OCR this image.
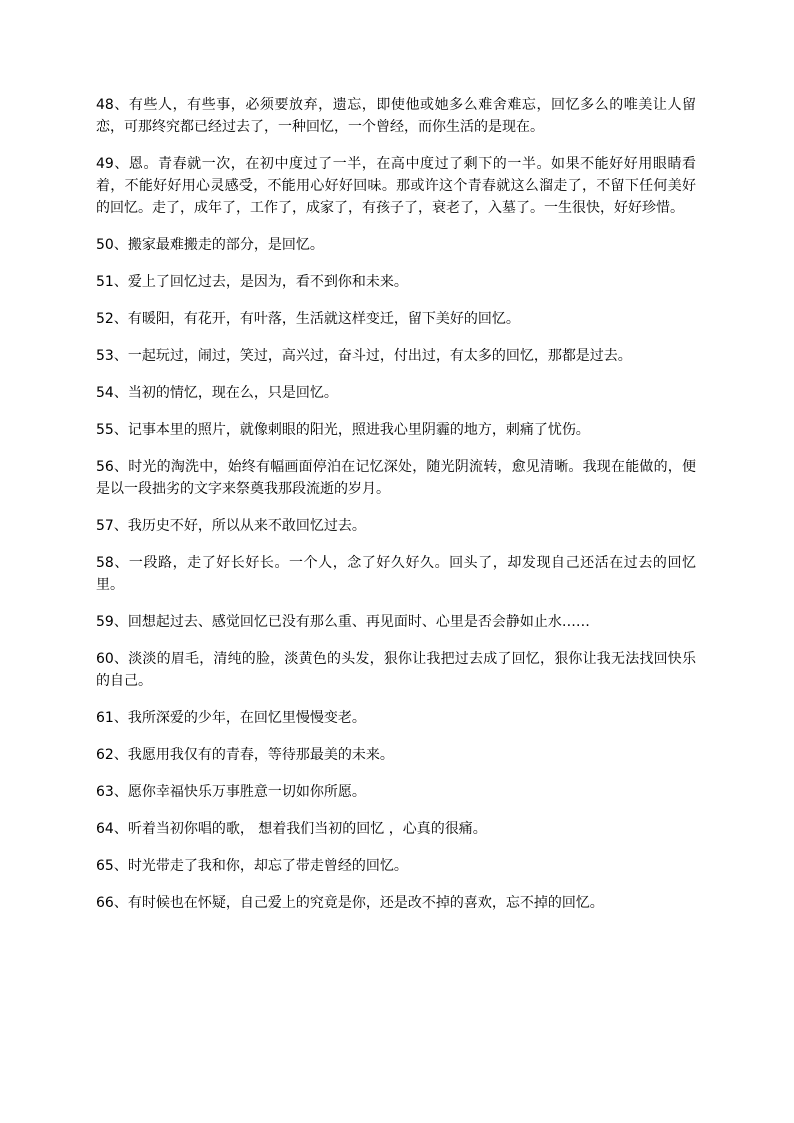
48、有些人，有些事，必须要放弃，遗忘，即使他或她多么难舍难忘，回忆多么的唯美让人留恋，可那终究都已经过去了，一种回忆，一个曾经，而你生活的是现在。

49、恩。青春就一次，在初中度过了一半，在高中度过了剩下的一半。如果不能好好用眼睛看着，不能好好用心灵感受，不能用心好好回味。那或许这个青春就这么溜走了，不留下任何美好的回忆。走了，成年了，工作了，成家了，有孩子了，衰老了，入墓了。一生很快，好好珍惜。

50、搬家最难搬走的部分，是回忆。

51、爱上了回忆过去，是因为，看不到你和未来。

52、有暖阳，有花开，有叶落，生活就这样变迁，留下美好的回忆。

53、一起玩过，闹过，笑过，高兴过，奋斗过，付出过，有太多的回忆，那都是过去。

54、当初的情忆，现在么，只是回忆。

55、记事本里的照片，就像刺眼的阳光，照进我心里阴霾的地方，刺痛了忧伤。

56、时光的淘洗中，始终有幅画面停泊在记忆深处，随光阴流转，愈见清晰。我现在能做的，便是以一段拙劣的文字来祭奠我那段流逝的岁月。

57、我历史不好，所以从来不敢回忆过去。

58、一段路，走了好长好长。一个人，念了好久好久。回头了，却发现自己还活在过去的回忆里。

59、回想起过去、感觉回忆已没有那么重、再见面时、心里是否会静如止水……

60、淡淡的眉毛，清纯的脸，淡黄色的头发，狠你让我把过去成了回忆，狠你让我无法找回快乐的自己。

61、我所深爱的少年，在回忆里慢慢变老。

62、我愿用我仅有的青春，等待那最美的未来。

63、愿你幸福快乐万事胜意一切如你所愿。

64、听着当初你唱的歌， 想着我们当初的回忆 ，心真的很痛。

65、时光带走了我和你，却忘了带走曾经的回忆。

66、有时候也在怀疑，自己爱上的究竟是你，还是改不掉的喜欢，忘不掉的回忆。
